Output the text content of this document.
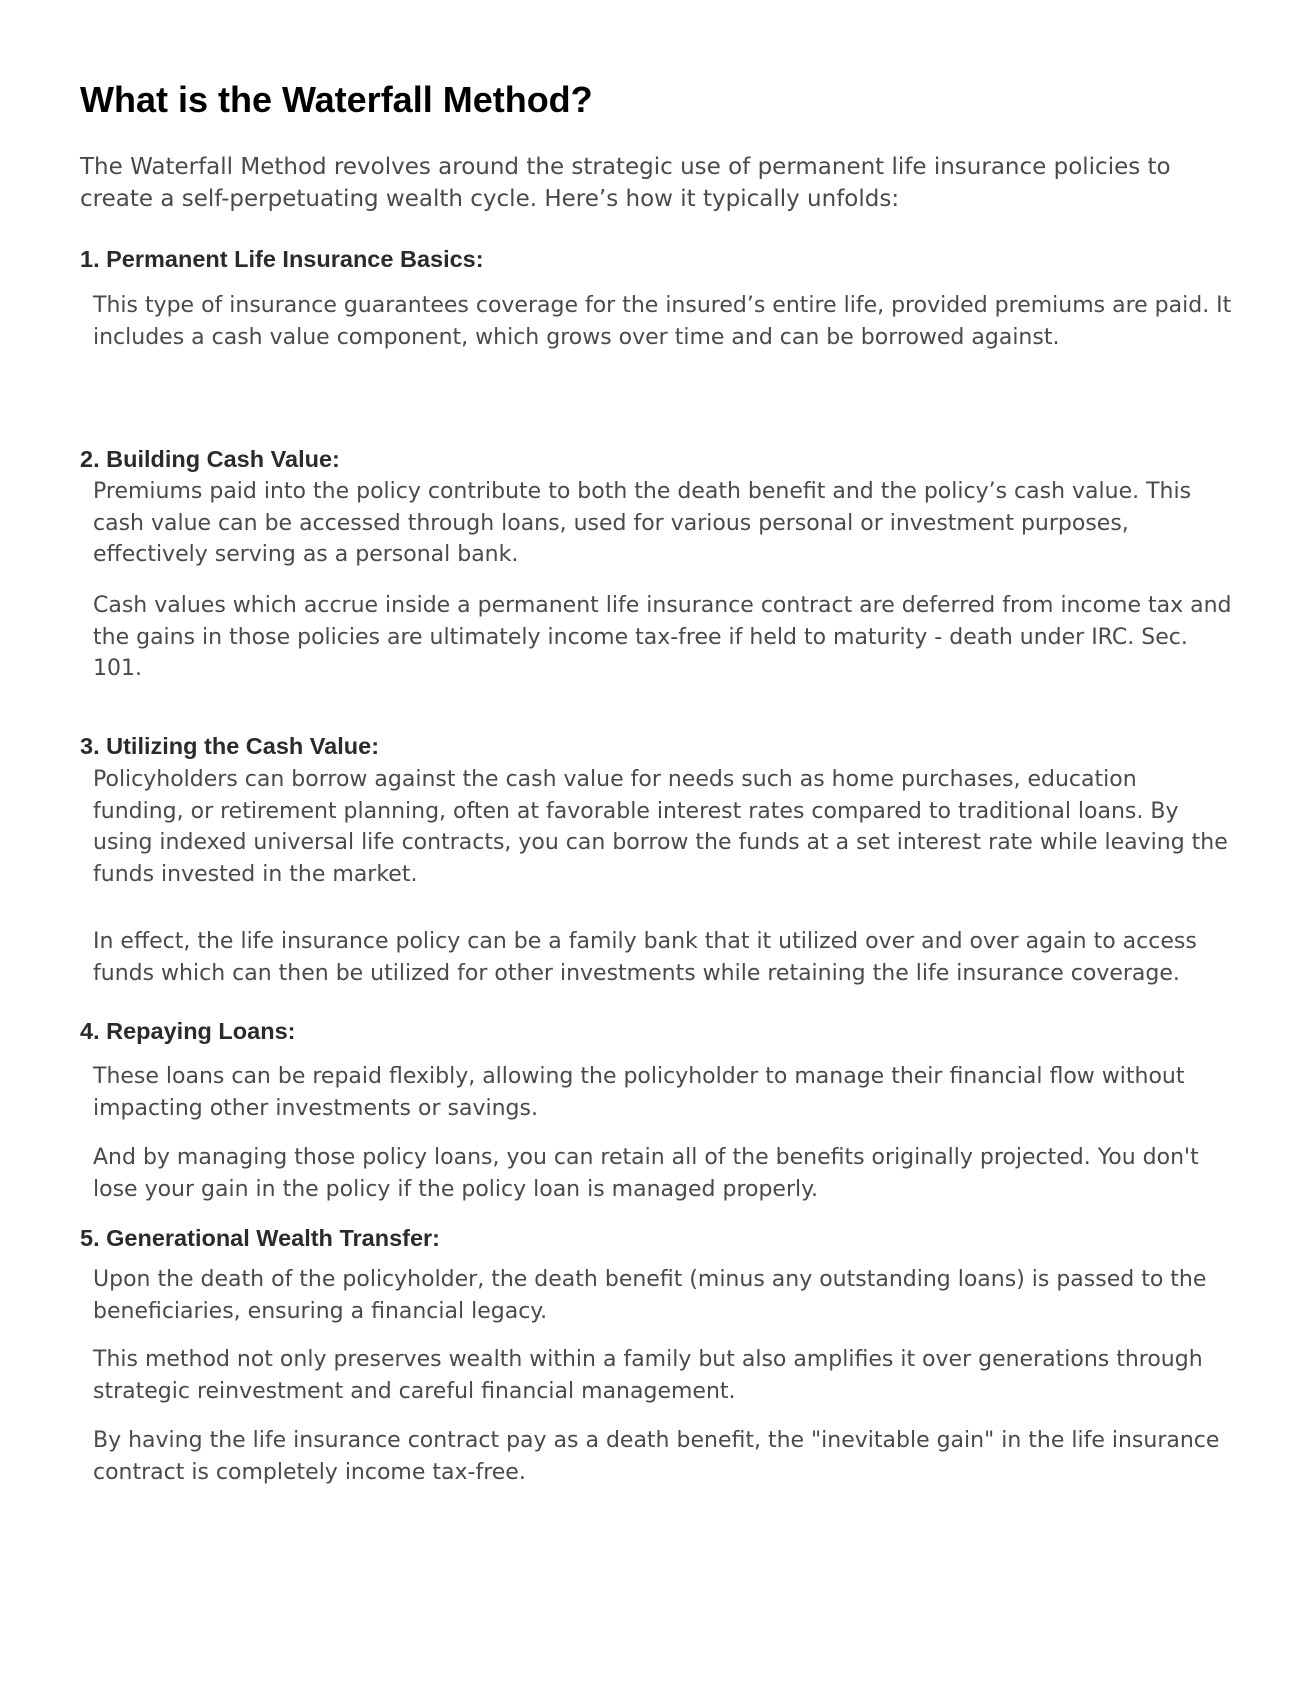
What is the Waterfall Method?

The Waterfall Method revolves around the strategic use of permanent life insurance policies to create a self-perpetuating wealth cycle. Here’s how it typically unfolds:

1. Permanent Life Insurance Basics:

This type of insurance guarantees coverage for the insured’s entire life, provided premiums are paid. It includes a cash value component, which grows over time and can be borrowed against.

2. Building Cash Value:

Premiums paid into the policy contribute to both the death benefit and the policy’s cash value. This cash value can be accessed through loans, used for various personal or investment purposes, effectively serving as a personal bank.

Cash values which accrue inside a permanent life insurance contract are deferred from income tax and the gains in those policies are ultimately income tax-free if held to maturity - death under IRC. Sec. 101.

3. Utilizing the Cash Value:

Policyholders can borrow against the cash value for needs such as home purchases, education funding, or retirement planning, often at favorable interest rates compared to traditional loans. By using indexed universal life contracts, you can borrow the funds at a set interest rate while leaving the funds invested in the market.

In effect, the life insurance policy can be a family bank that it utilized over and over again to access funds which can then be utilized for other investments while retaining the life insurance coverage.

4. Repaying Loans:

These loans can be repaid flexibly, allowing the policyholder to manage their financial flow without impacting other investments or savings.

And by managing those policy loans, you can retain all of the benefits originally projected. You don't lose your gain in the policy if the policy loan is managed properly.

5. Generational Wealth Transfer:

Upon the death of the policyholder, the death benefit (minus any outstanding loans) is passed to the beneficiaries, ensuring a financial legacy.

This method not only preserves wealth within a family but also amplifies it over generations through strategic reinvestment and careful financial management.

By having the life insurance contract pay as a death benefit, the "inevitable gain" in the life insurance contract is completely income tax-free.
